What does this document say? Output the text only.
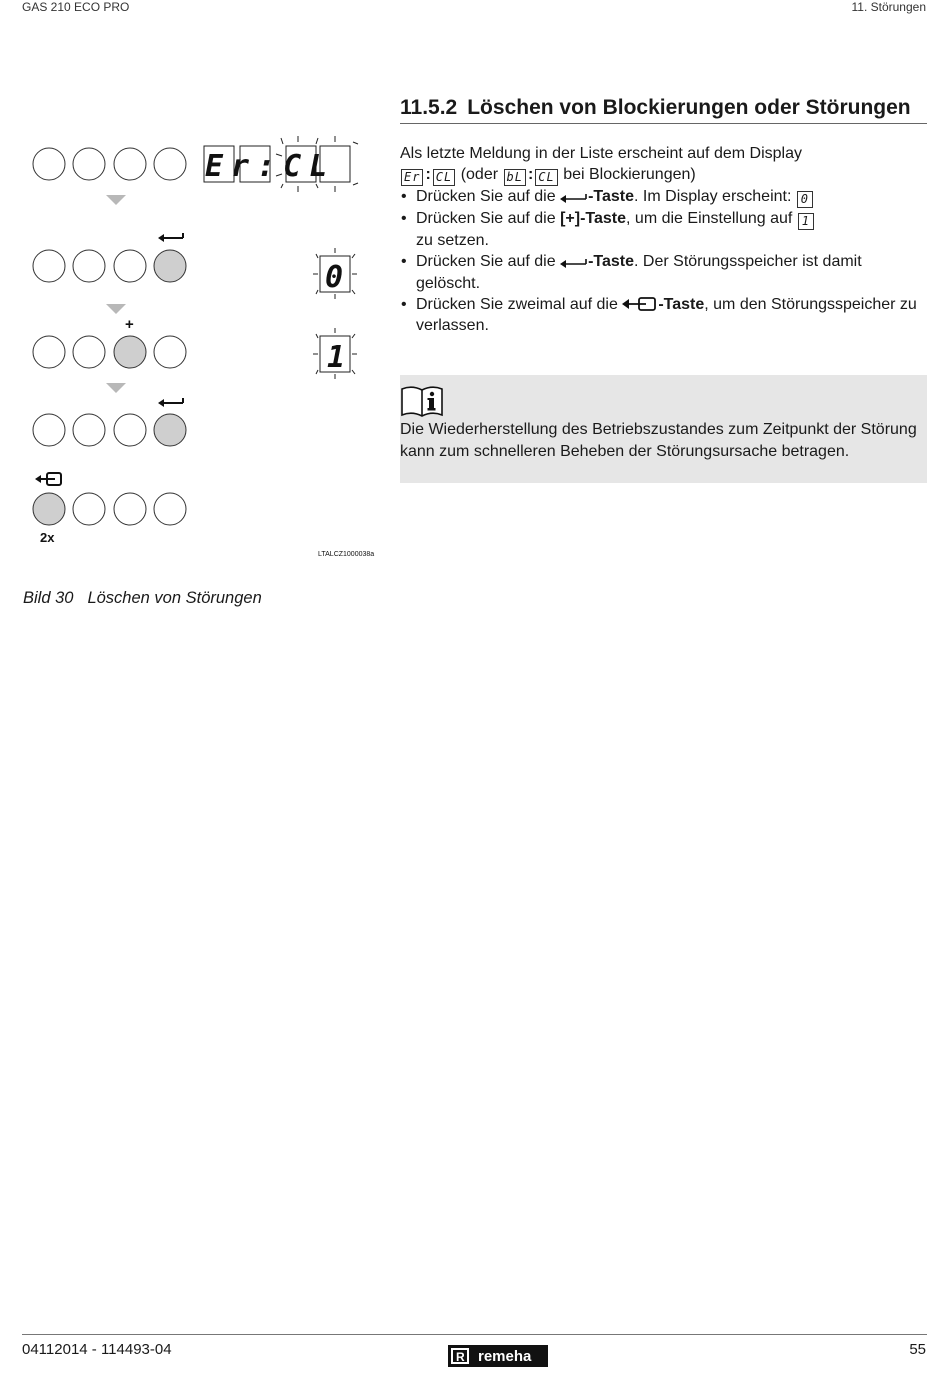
GAS 210 ECO PRO	11. Störungen
Er:CL
0
+
1
2x
LTALCZ1000038a
11.5.2 Löschen von Blockierungen oder Störungen

Als letzte Meldung in der Liste erscheint auf dem Display

Er : CL (oder bL : CL bei Blockierungen)

• Drücken Sie auf die -Taste. Im Display erscheint: 0
• Drücken Sie auf die [+]-Taste, um die Einstellung auf 1
zu setzen.
• Drücken Sie auf die -Taste. Der Störungsspeicher ist damit gelöscht.
• Drücken Sie zweimal auf die	-Taste, um den Störungsspeicher zu verlassen.
Die Wiederherstellung des Betriebszustandes zum Zeitpunkt der Störung kann zum schnelleren Beheben der Störungsursache betragen.
Bild 30 Löschen von Störungen
04112014 - 114493-04	R remeha	55
